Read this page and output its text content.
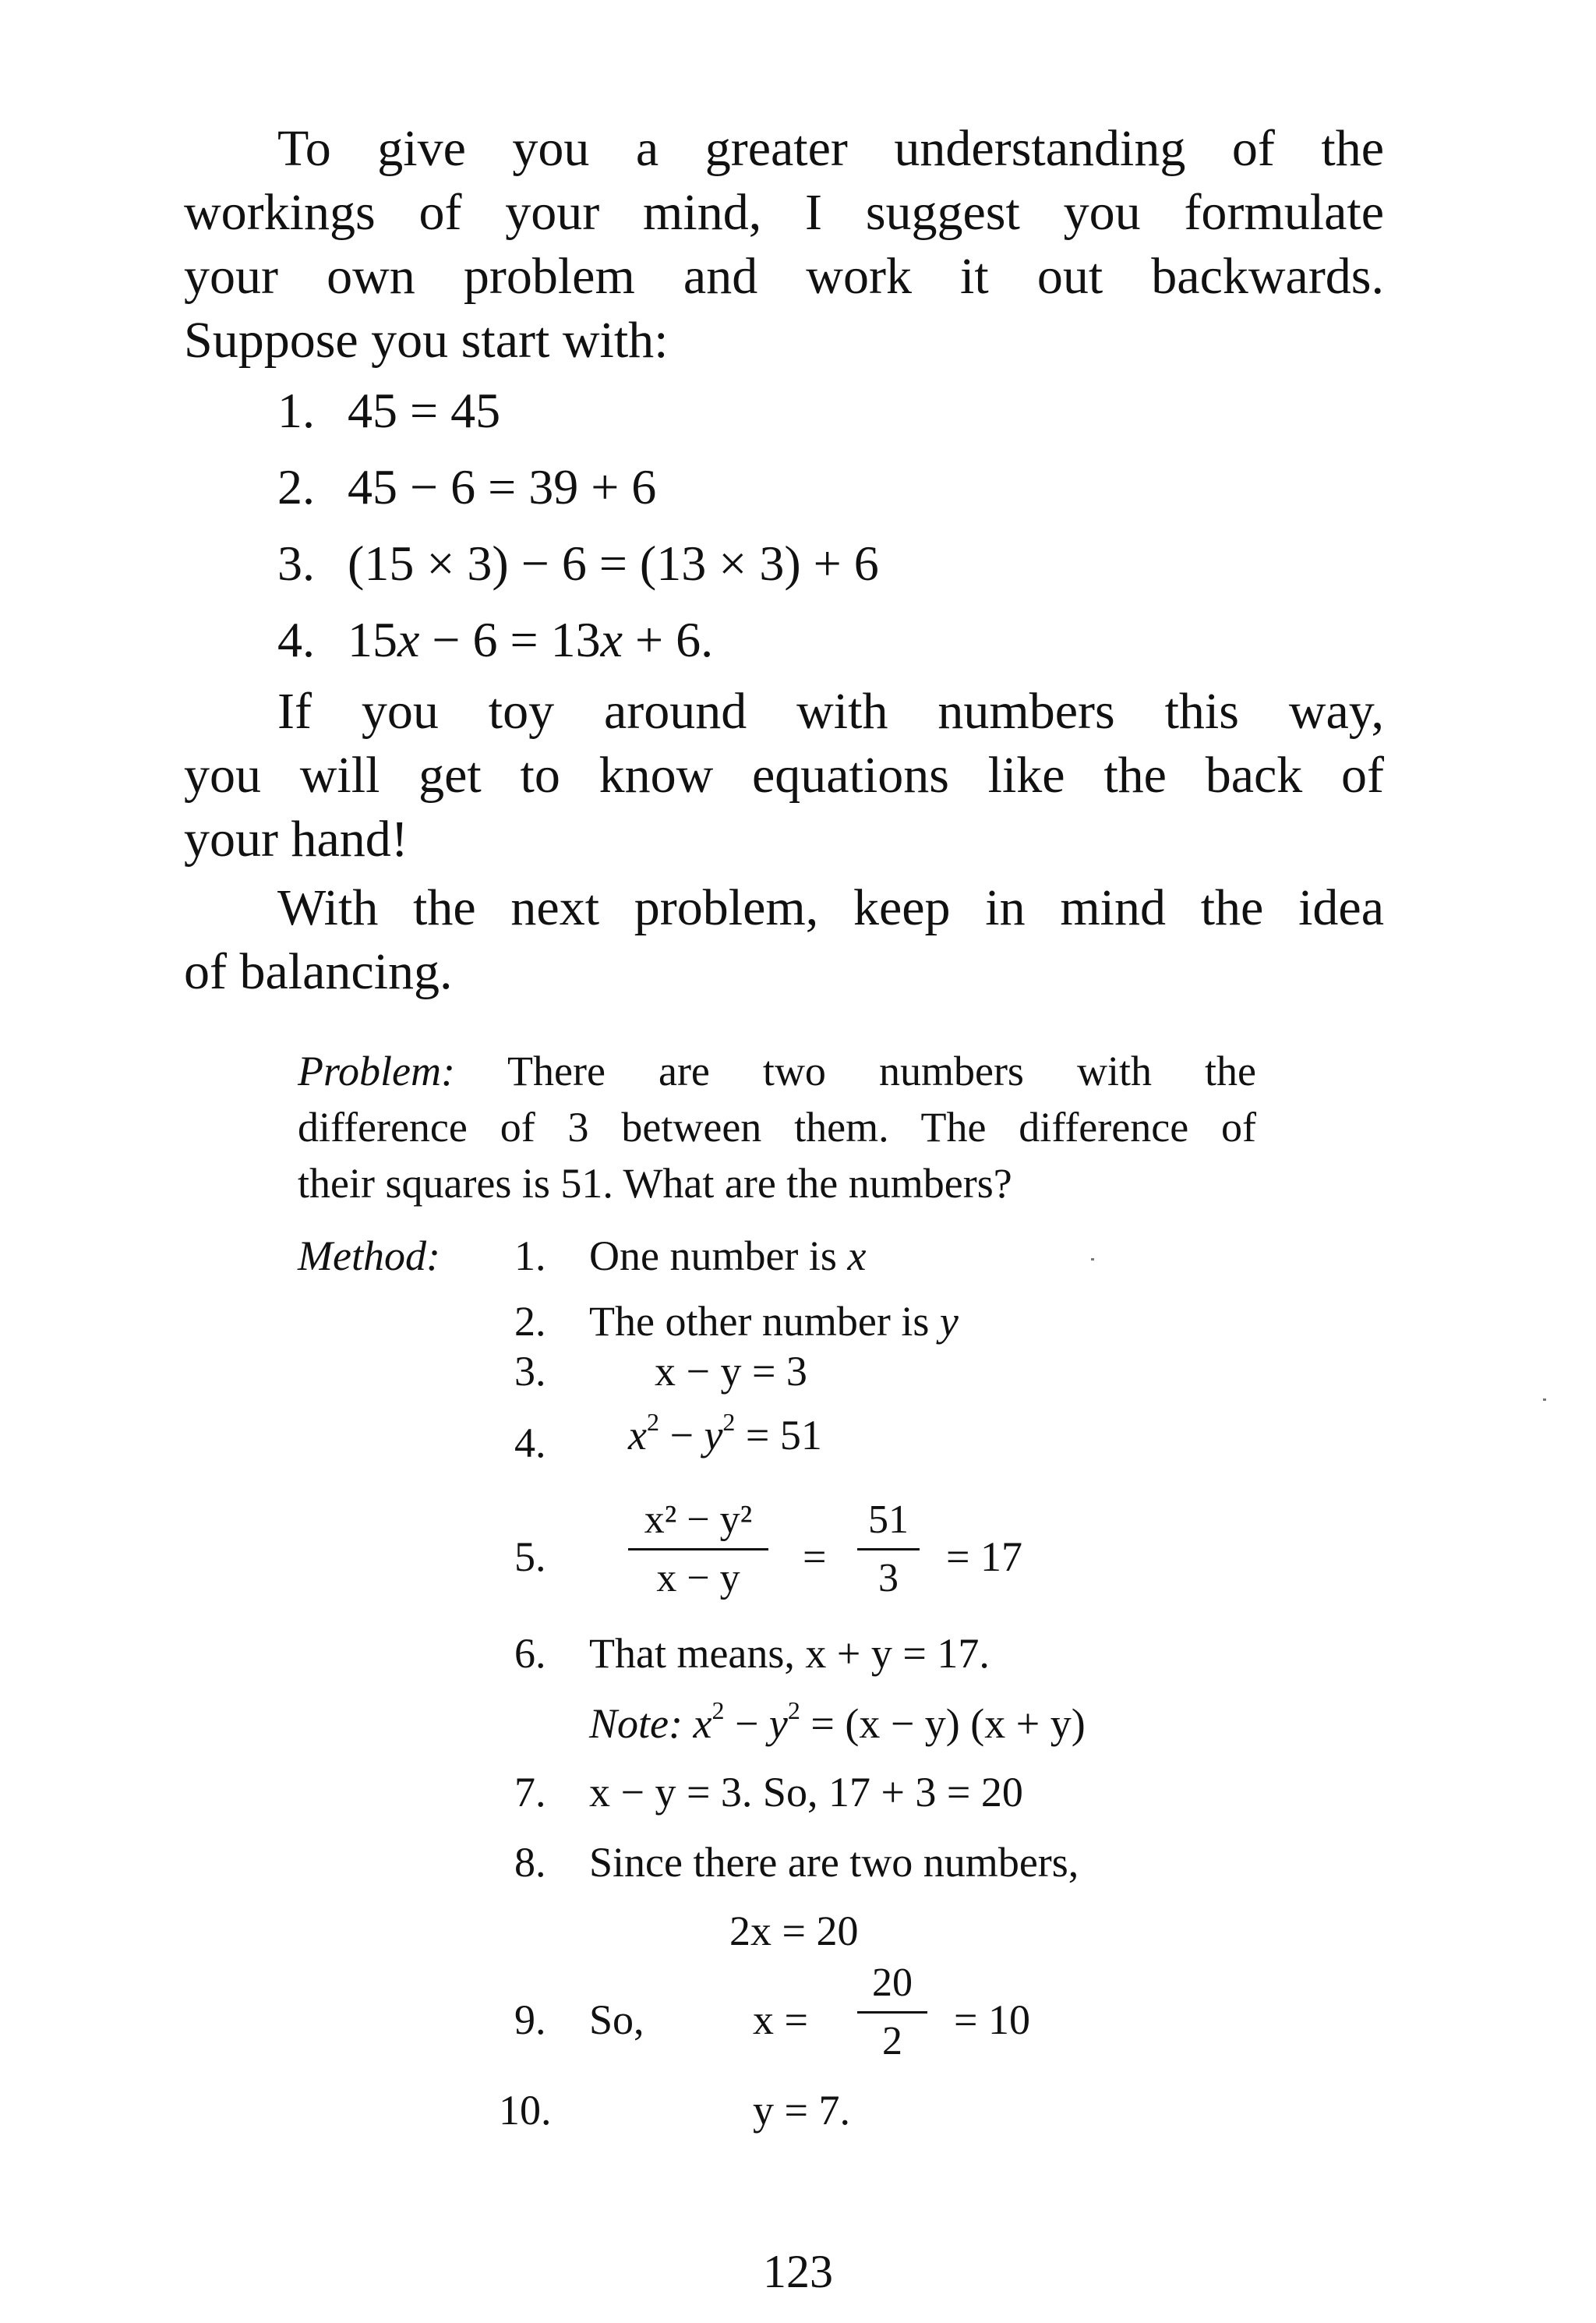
To give you a greater understanding of the
workings of your mind, I suggest you formulate
your own problem and work it out backwards.
Suppose you start with:
1. 45 = 45
2. 45 − 6 = 39 + 6
3. (15 × 3) − 6 = (13 × 3) + 6
4. 15x − 6 = 13x + 6.
If you toy around with numbers this way,
you will get to know equations like the back of
your hand!
With the next problem, keep in mind the idea
of balancing.
Problem: There are two numbers with the
difference of 3 between them. The difference of
their squares is 51. What are the numbers?
Method: 1. One number is x
2. The other number is y
3.	x − y = 3
4. $x^2 - y^2 = 51$
5.
x² − y²
x − y	=
51
3	= 17
6. That means, x + y = 17.
Note: $x^2 - y^2 = (x - y) (x + y)$
7. x − y = 3. So, 17 + 3 = 20
8. Since there are two numbers,
2x = 20
9. So,	x =
20
2	= 10
10.	y = 7.
123
